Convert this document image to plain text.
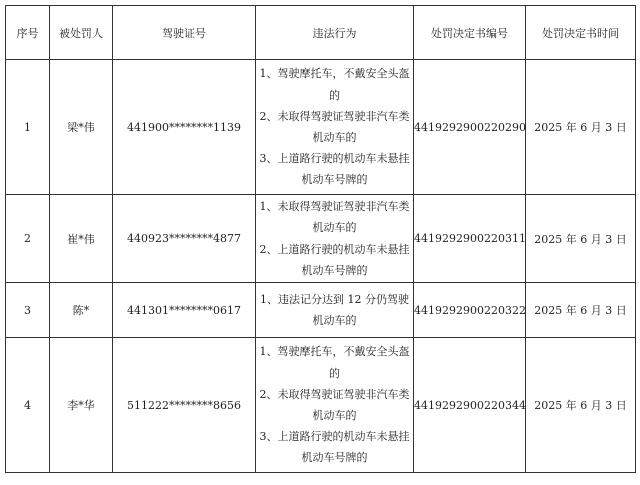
序号	被处罚人	驾驶证号	违法行为	处罚决定书编号	处罚决定书时间
1	梁*伟	441900********1139	1、驾驶摩托车，不戴安全头盔的
2、未取得驾驶证驾驶非汽车类机动车的
3、上道路行驶的机动车未悬挂机动车号牌的	4419292900220290	2025 年 6 月 3 日
2	崔*伟	440923********4877	1、未取得驾驶证驾驶非汽车类机动车的
2、上道路行驶的机动车未悬挂机动车号牌的	4419292900220311	2025 年 6 月 3 日
3	陈*	441301********0617	1、违法记分达到 12 分仍驾驶机动车的	4419292900220322	2025 年 6 月 3 日
4	李*华	511222********8656	1、驾驶摩托车，不戴安全头盔的
2、未取得驾驶证驾驶非汽车类机动车的
3、上道路行驶的机动车未悬挂机动车号牌的	4419292900220344	2025 年 6 月 3 日
